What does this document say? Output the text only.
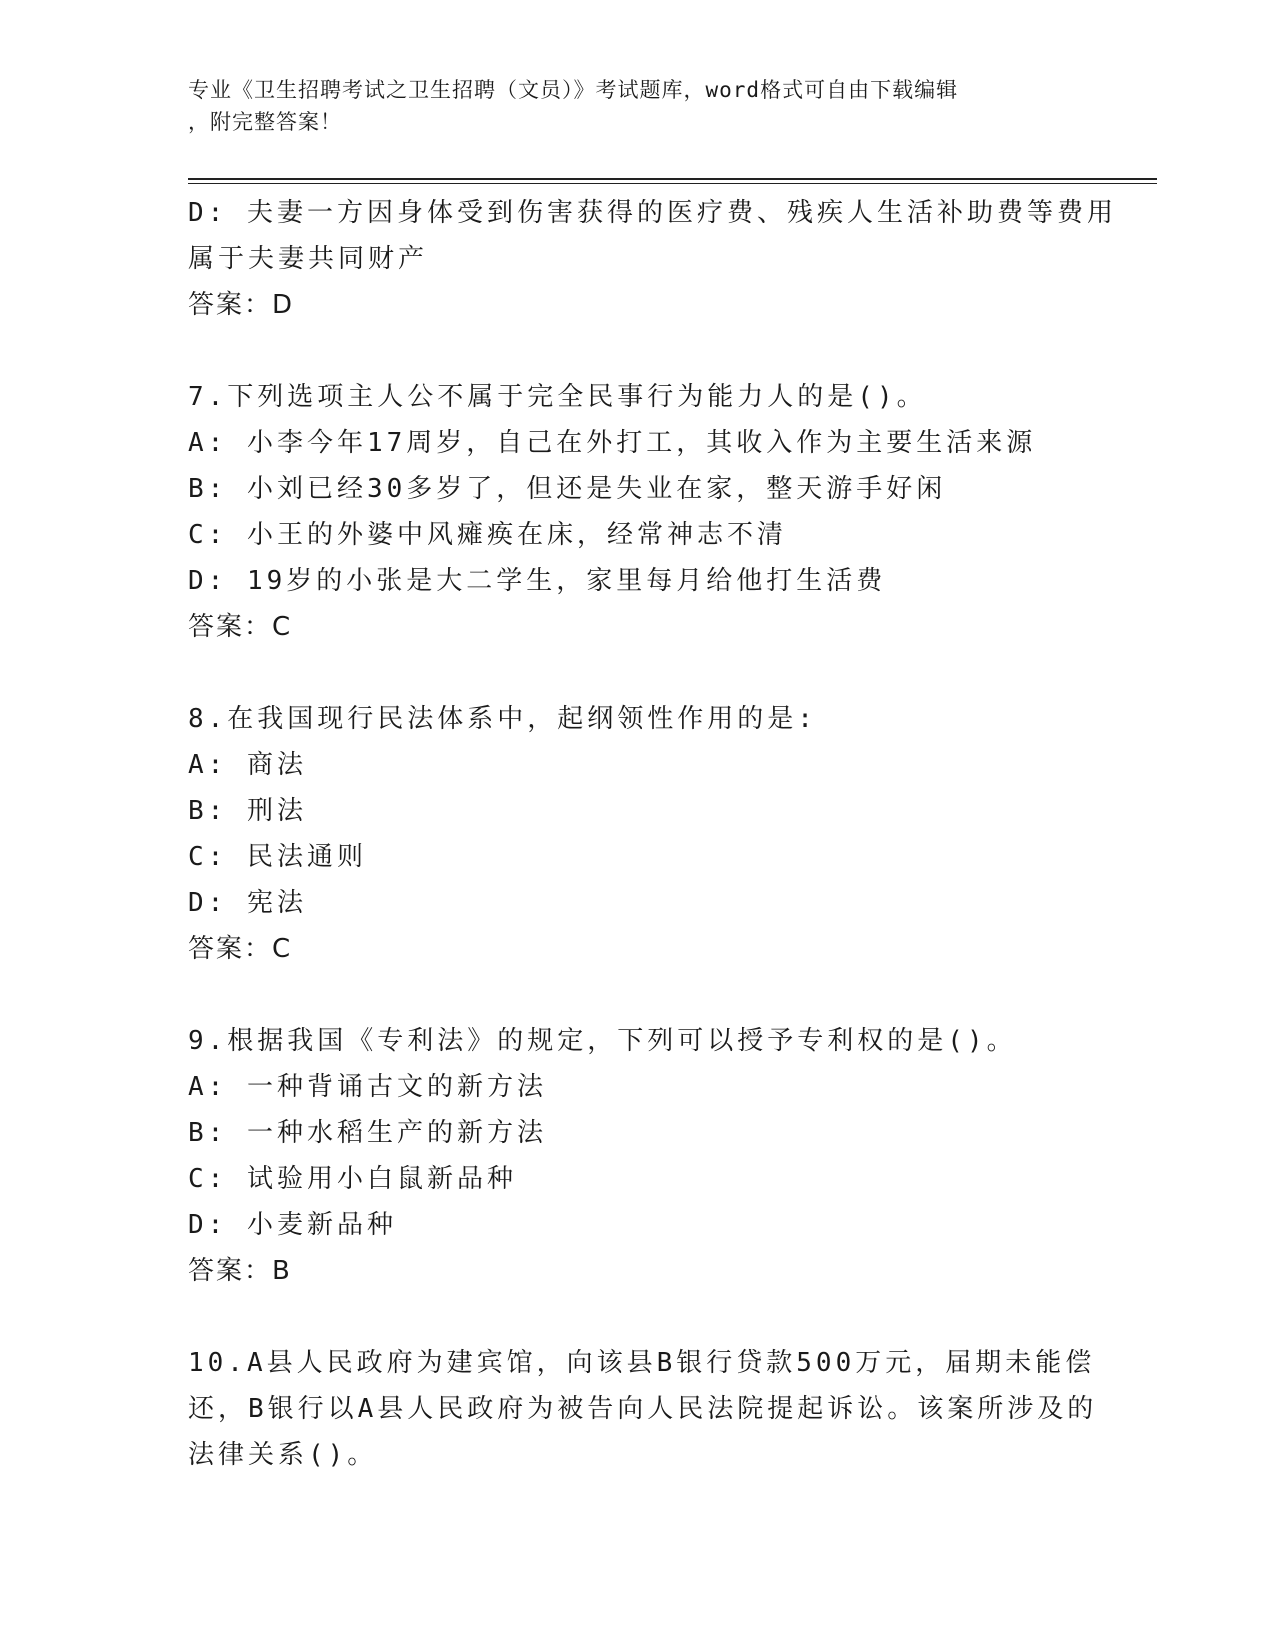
专业《卫生招聘考试之卫生招聘（文员）》考试题库，word格式可自由下载编辑
，附完整答案！
D: 夫妻一方因身体受到伤害获得的医疗费、残疾人生活补助费等费用
属于夫妻共同财产
答案：D
7.下列选项主人公不属于完全民事行为能力人的是()。
A: 小李今年17周岁，自己在外打工，其收入作为主要生活来源
B: 小刘已经30多岁了，但还是失业在家，整天游手好闲
C: 小王的外婆中风瘫痪在床，经常神志不清
D: 19岁的小张是大二学生，家里每月给他打生活费
答案：C
8.在我国现行民法体系中，起纲领性作用的是:
A: 商法
B: 刑法
C: 民法通则
D: 宪法
答案：C
9.根据我国《专利法》的规定，下列可以授予专利权的是()。
A: 一种背诵古文的新方法
B: 一种水稻生产的新方法
C: 试验用小白鼠新品种
D: 小麦新品种
答案：B
10.A县人民政府为建宾馆，向该县B银行贷款500万元，届期未能偿
还，B银行以A县人民政府为被告向人民法院提起诉讼。该案所涉及的
法律关系()。
